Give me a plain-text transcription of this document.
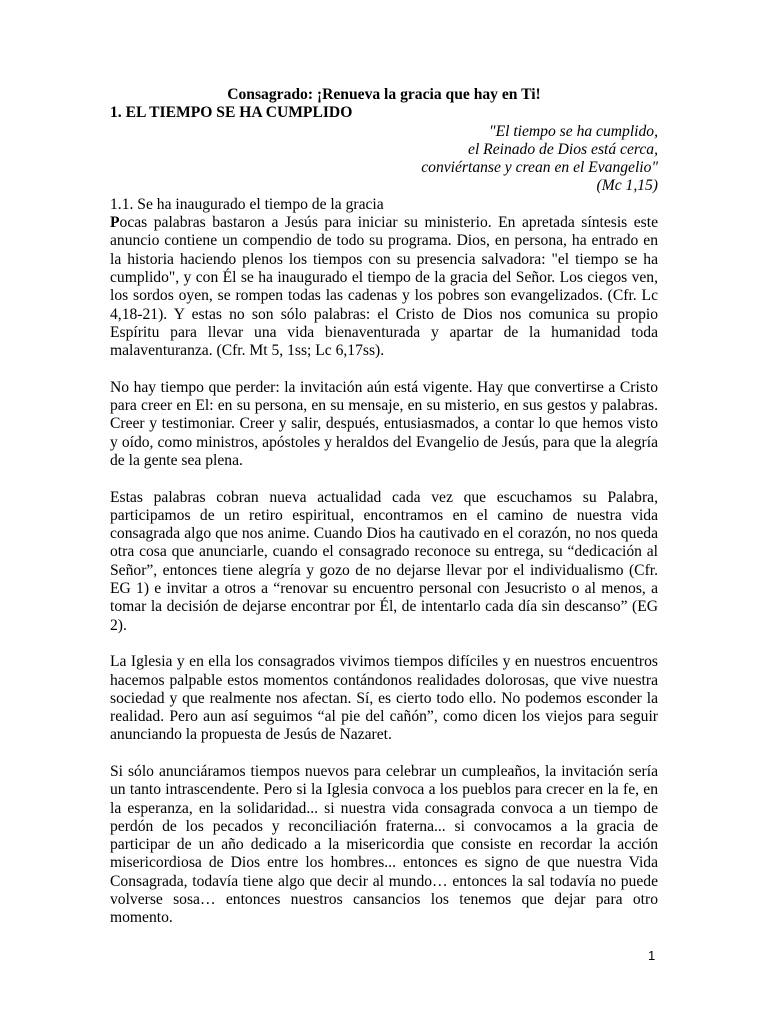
Consagrado: ¡Renueva la gracia que hay en Ti!
1. EL TIEMPO SE HA CUMPLIDO
"El tiempo se ha cumplido,
el Reinado de Dios está cerca,
conviértanse y crean en el Evangelio"
(Mc 1,15)
1.1. Se ha inaugurado el tiempo de la gracia

Pocas palabras bastaron a Jesús para iniciar su ministerio. En apretada síntesis este anuncio contiene un compendio de todo su programa. Dios, en persona, ha entrado en la historia haciendo plenos los tiempos con su presencia salvadora: "el tiempo se ha cumplido", y con Él se ha inaugurado el tiempo de la gracia del Señor. Los ciegos ven, los sordos oyen, se rompen todas las cadenas y los pobres son evangelizados. (Cfr. Lc 4,18-21). Y estas no son sólo palabras: el Cristo de Dios nos comunica su propio Espíritu para llevar una vida bienaventurada y apartar de la humanidad toda malaventuranza. (Cfr. Mt 5, 1ss; Lc 6,17ss).

No hay tiempo que perder: la invitación aún está vigente. Hay que convertirse a Cristo para creer en El: en su persona, en su mensaje, en su misterio, en sus gestos y palabras. Creer y testimoniar. Creer y salir, después, entusiasmados, a contar lo que hemos visto y oído, como ministros, apóstoles y heraldos del Evangelio de Jesús, para que la alegría de la gente sea plena.

Estas palabras cobran nueva actualidad cada vez que escuchamos su Palabra, participamos de un retiro espiritual, encontramos en el camino de nuestra vida consagrada algo que nos anime. Cuando Dios ha cautivado en el corazón, no nos queda otra cosa que anunciarle, cuando el consagrado reconoce su entrega, su “dedicación al Señor”, entonces tiene alegría y gozo de no dejarse llevar por el individualismo (Cfr. EG 1) e invitar a otros a “renovar su encuentro personal con Jesucristo o al menos, a tomar la decisión de dejarse encontrar por Él, de intentarlo cada día sin descanso” (EG 2).

La Iglesia y en ella los consagrados vivimos tiempos difíciles y en nuestros encuentros hacemos palpable estos momentos contándonos realidades dolorosas, que vive nuestra sociedad y que realmente nos afectan. Sí, es cierto todo ello. No podemos esconder la realidad. Pero aun así seguimos “al pie del cañón”, como dicen los viejos para seguir anunciando la propuesta de Jesús de Nazaret.

Si sólo anunciáramos tiempos nuevos para celebrar un cumpleaños, la invitación sería un tanto intrascendente. Pero si la Iglesia convoca a los pueblos para crecer en la fe, en la esperanza, en la solidaridad... si nuestra vida consagrada convoca a un tiempo de perdón de los pecados y reconciliación fraterna... si convocamos a la gracia de participar de un año dedicado a la misericordia que consiste en recordar la acción misericordiosa de Dios entre los hombres... entonces es signo de que nuestra Vida Consagrada, todavía tiene algo que decir al mundo… entonces la sal todavía no puede volverse sosa… entonces nuestros cansancios los tenemos que dejar para otro momento.

1
